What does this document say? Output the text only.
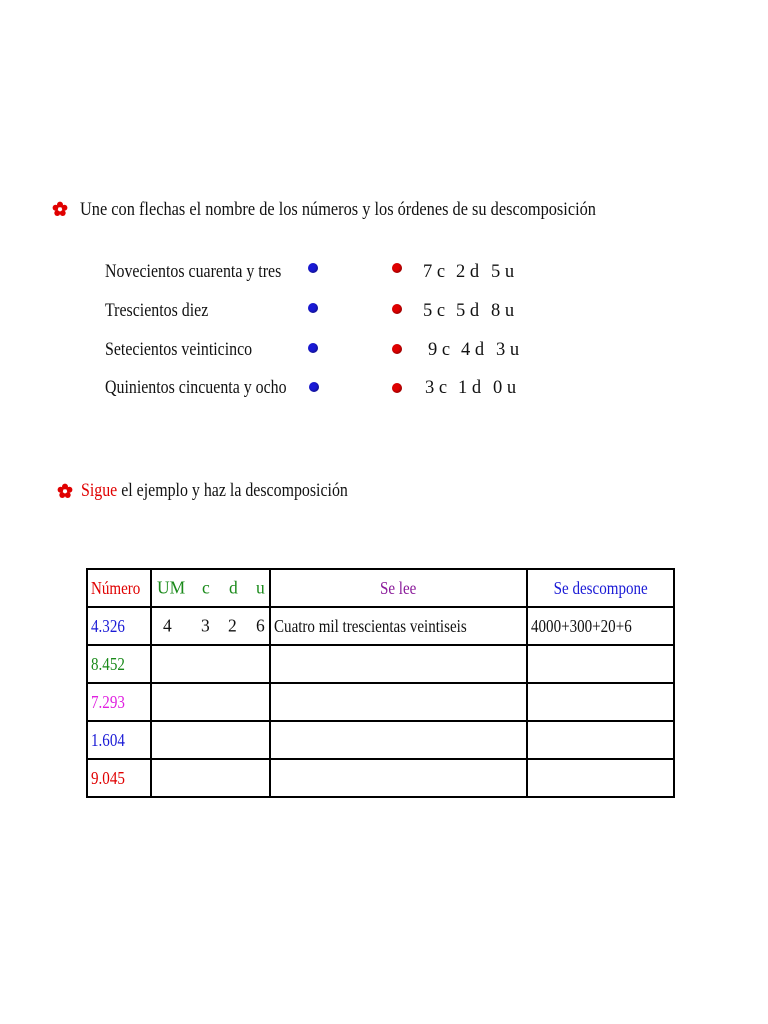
Une con flechas el nombre de los números y los órdenes de su descomposición
Novecientos cuarenta y tres
Trescientos diez
Setecientos veinticinco
Quinientos cincuenta y ocho
7 c 2 d 5 u
5 c 5 d 8 u
9 c 4 d 3 u
3 c 1 d 0 u
Sigue el ejemplo y haz la descomposición
Número	UM c d u	Se lee	Se descompone
4.326	4 3 2 6	Cuatro mil trescientas veintiseis	4000+300+20+6
8.452			
7.293			
1.604			
9.045			
